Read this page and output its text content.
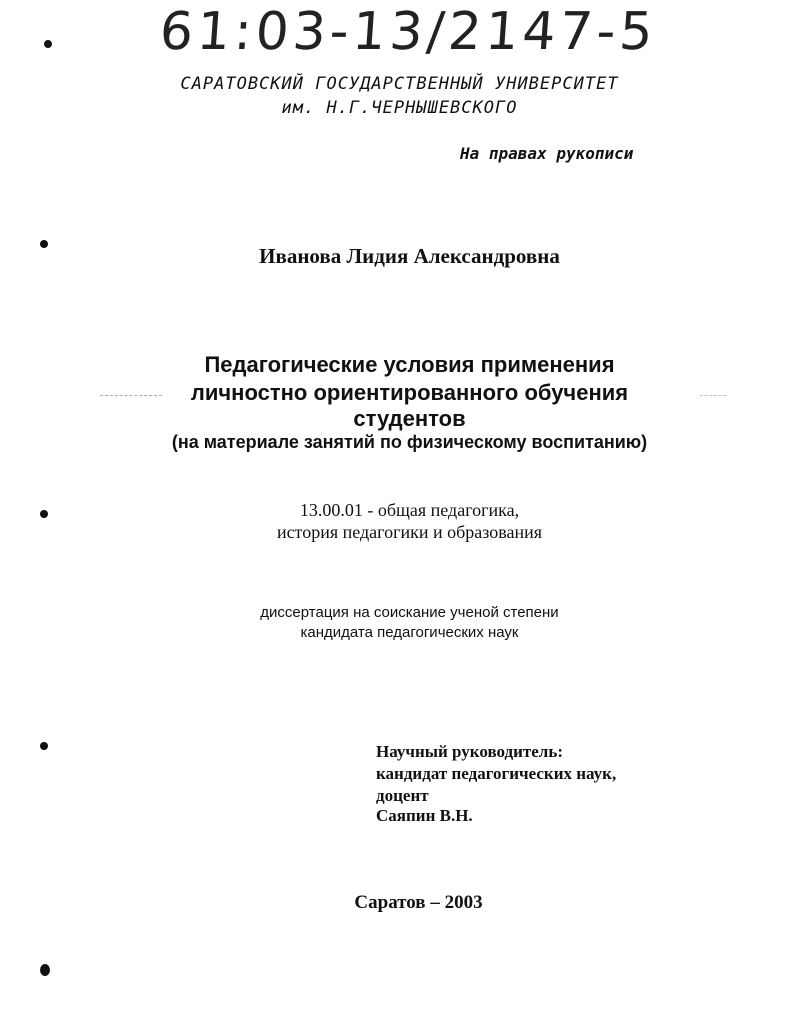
61:03-13/2147-5
САРАТОВСКИЙ ГОСУДАРСТВЕННЫЙ УНИВЕРСИТЕТ
им. Н.Г.ЧЕРНЫШЕВСКОГО
На правах рукописи
Иванова Лидия Александровна
Педагогические условия применения
личностно ориентированного обучения
студентов
(на материале занятий по физическому воспитанию)
13.00.01 - общая педагогика,
история педагогики и образования
диссертация на соискание ученой степени
кандидата педагогических наук
Научный руководитель:
кандидат педагогических наук,
доцент
Саяпин В.Н.
Саратов – 2003
